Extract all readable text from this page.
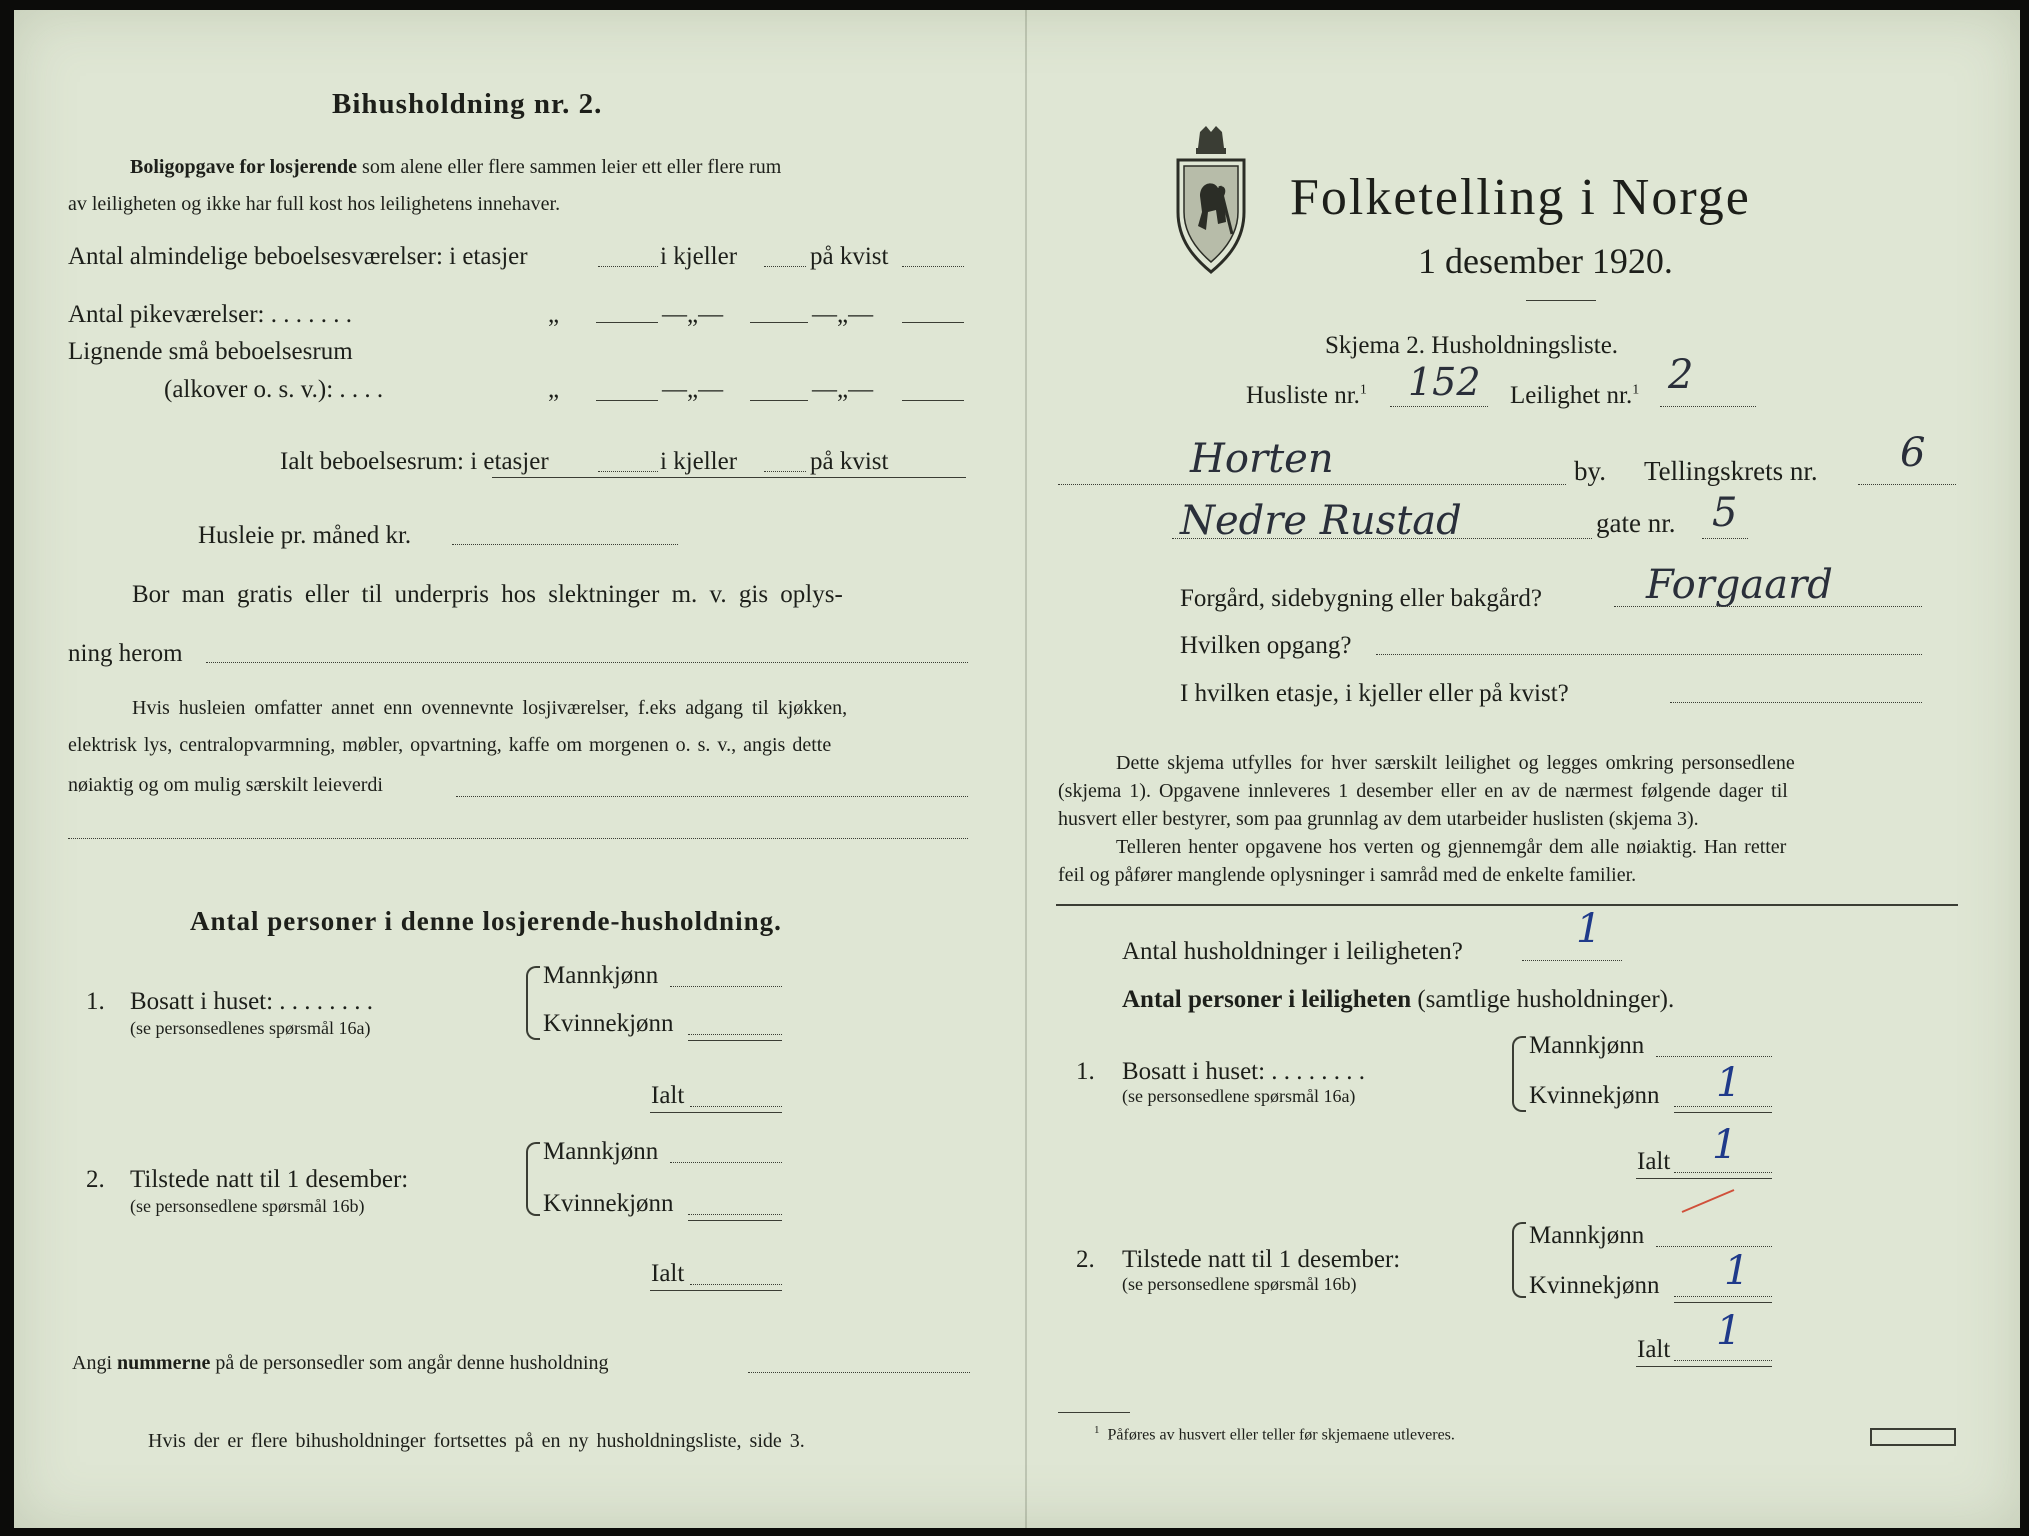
Bihusholdning nr. 2.
Boligopgave for losjerende som alene eller flere sammen leier ett eller flere rum
av leiligheten og ikke har full kost hos leilighetens innehaver.
Antal almindelige beboelsesværelser: i etasjer	i kjeller	på kvist
Antal pikeværelser: . . . . . . .	„	—„—	—„—
Lignende små beboelsesrum
(alkover o. s. v.): . . . .	„	—„—	—„—
Ialt beboelsesrum: i etasjer	i kjeller	på kvist
Husleie pr. måned kr.
Bor man gratis eller til underpris hos slektninger m. v. gis oplys-
ning herom
Hvis husleien omfatter annet enn ovennevnte losjiværelser, f.eks adgang til kjøkken,
elektrisk lys, centralopvarmning, møbler, opvartning, kaffe om morgenen o. s. v., angis dette
nøiaktig og om mulig særskilt leieverdi
Antal personer i denne losjerende-husholdning.
1. Bosatt i huset: . . . . . . . .
(se personsedlenes spørsmål 16a)
Mannkjønn
Kvinnekjønn
Ialt
2. Tilstede natt til 1 desember:
(se personsedlene spørsmål 16b)
Mannkjønn
Kvinnekjønn
Ialt
Angi nummerne på de personsedler som angår denne husholdning
Hvis der er flere bihusholdninger fortsettes på en ny husholdningsliste, side 3.
Folketelling i Norge
1 desember 1920.
Skjema 2. Husholdningsliste.
Husliste nr.$^1$ 152 Leilighet nr.$^1$ 2
Horten	by. Tellingskrets nr. 6
Nedre Rustad	gate nr. 5
Forgård, sidebygning eller bakgård?	Forgaard
Hvilken opgang?
I hvilken etasje, i kjeller eller på kvist?
Dette skjema utfylles for hver særskilt leilighet og legges omkring personsedlene
(skjema 1). Opgavene innleveres 1 desember eller en av de nærmest følgende dager til
husvert eller bestyrer, som paa grunnlag av dem utarbeider huslisten (skjema 3).
Telleren henter opgavene hos verten og gjennemgår dem alle nøiaktig. Han retter
feil og påfører manglende oplysninger i samråd med de enkelte familier.
Antal husholdninger i leiligheten?	1
Antal personer i leiligheten (samtlige husholdninger).
1. Bosatt i huset: . . . . . . . .
(se personsedlene spørsmål 16a)
Mannkjønn
Kvinnekjønn 1
Ialt 1
2. Tilstede natt til 1 desember:
(se personsedlene spørsmål 16b)
Mannkjønn
Kvinnekjønn 1
Ialt 1
$^1$ Påføres av husvert eller teller før skjemaene utleveres.
